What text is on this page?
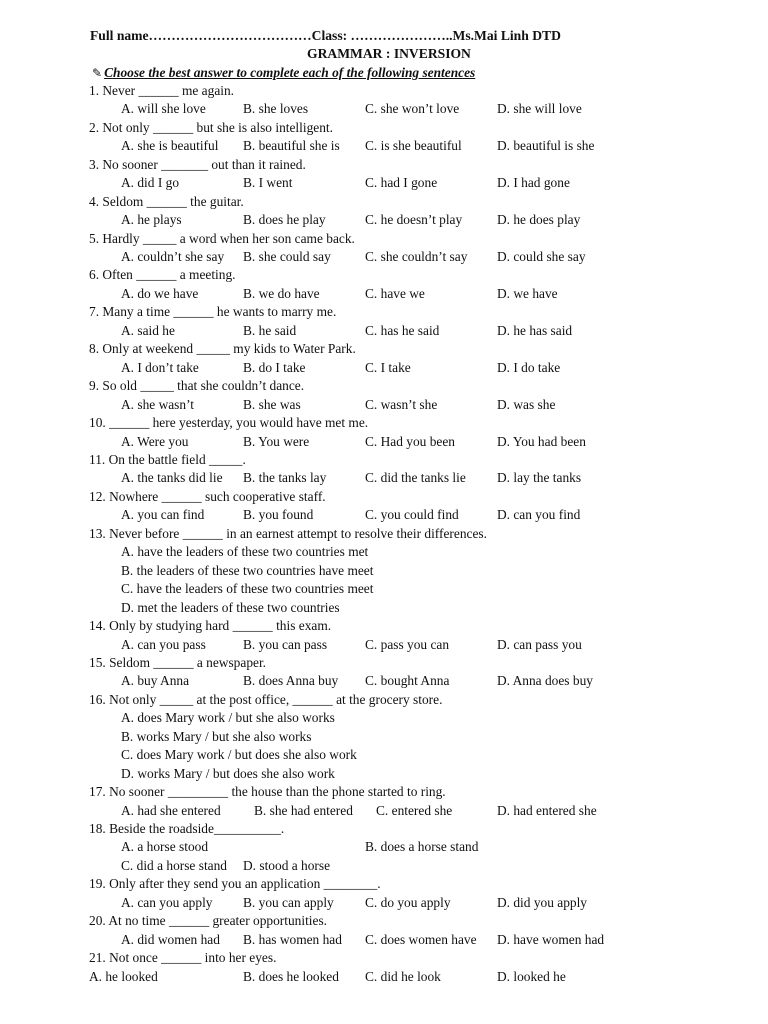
Full name………………………………Class: …………………..Ms.Mai Linh DTD
GRAMMAR : INVERSION
✎ Choose the best answer to complete each of the following sentences
1. Never ______ me again.
A. will she love	B. she loves	C. she won’t love	D. she will love
2. Not only ______ but she is also intelligent.
A. she is beautiful B. beautiful she is C. is she beautiful	D. beautiful is she
3. No sooner _______ out than it rained.
A. did I go	B. I went	C. had I gone	D. I had gone
4. Seldom ______ the guitar.
A. he plays	B. does he play	C. he doesn’t play	D. he does play
5. Hardly _____ a word when her son came back.
A. couldn’t she say B. she could say	C. she couldn’t say D. could she say
6. Often ______ a meeting.
A. do we have	B. we do have	C. have we	D. we have
7. Many a time ______ he wants to marry me.
A. said he	B. he said	C. has he said	D. he has said
8. Only at weekend _____ my kids to Water Park.
A. I don’t take	B. do I take	C. I take	D. I do take
9. So old _____ that she couldn’t dance.
A. she wasn’t	B. she was	C. wasn’t she	D. was she
10. ______ here yesterday, you would have met me.
A. Were you	B. You were	C. Had you been	D. You had been
11. On the battle field _____.
A. the tanks did lie B. the tanks lay	C. did the tanks lie D. lay the tanks
12. Nowhere ______ such cooperative staff.
A. you can find	B. you found	C. you could find	D. can you find
13. Never before ______ in an earnest attempt to resolve their differences.
A. have the leaders of these two countries met
B. the leaders of these two countries have meet
C. have the leaders of these two countries meet
D. met the leaders of these two countries
14. Only by studying hard ______ this exam.
A. can you pass	B. you can pass	C. pass you can	D. can pass you
15. Seldom ______ a newspaper.
A. buy Anna	B. does Anna buy C. bought Anna	D. Anna does buy
16. Not only _____ at the post office, ______ at the grocery store.
A. does Mary work / but she also works
B. works Mary / but she also works
C. does Mary work / but does she also work
D. works Mary / but does she also work
17. No sooner _________ the house than the phone started to ring.
A. had she entered B. she had entered C. entered she	D. had entered she
18. Beside the roadside__________.
A. a horse stood	B. does a horse stand
C. did a horse stand D. stood a horse
19. Only after they send you an application ________.
A. can you apply B. you can apply C. do you apply	D. did you apply
20. At no time ______ greater opportunities.
A. did women had B. has women had C. does women have D. have women had
21. Not once ______ into her eyes.
A. he looked	B. does he looked C. did he look	D. looked he
